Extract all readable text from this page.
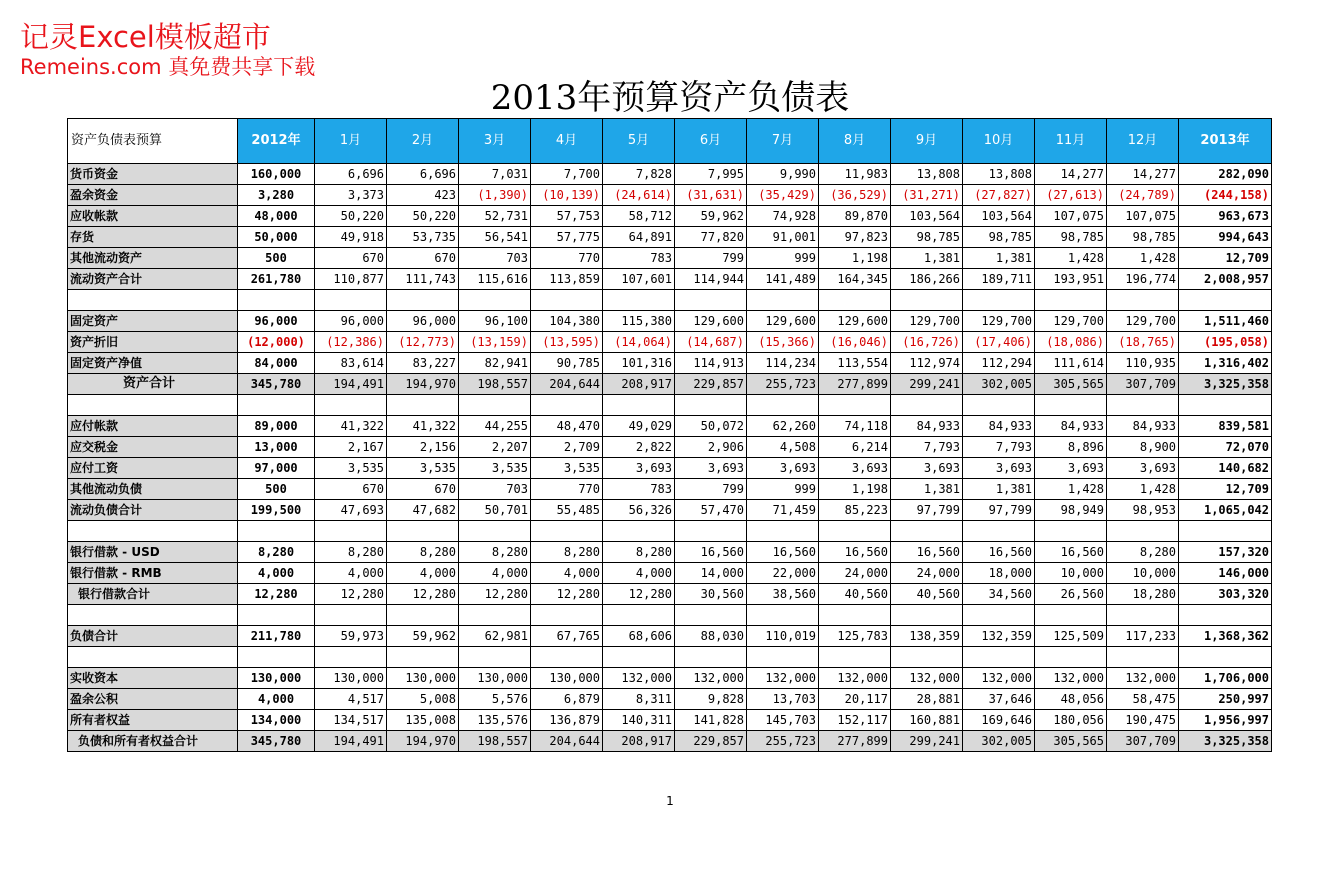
记灵Excel模板超市
Remeins.com 真免费共享下载
2013年预算资产负债表
资产负债表预算	2012年	1月	2月	3月	4月	5月	6月	7月	8月	9月	10月	11月	12月	2013年
货币资金	160,000	6,696	6,696	7,031	7,700	7,828	7,995	9,990	11,983	13,808	13,808	14,277	14,277	282,090
盈余资金	3,280	3,373	423	(1,390)	(10,139)	(24,614)	(31,631)	(35,429)	(36,529)	(31,271)	(27,827)	(27,613)	(24,789)	(244,158)
应收帐款	48,000	50,220	50,220	52,731	57,753	58,712	59,962	74,928	89,870	103,564	103,564	107,075	107,075	963,673
存货	50,000	49,918	53,735	56,541	57,775	64,891	77,820	91,001	97,823	98,785	98,785	98,785	98,785	994,643
其他流动资产	500	670	670	703	770	783	799	999	1,198	1,381	1,381	1,428	1,428	12,709
流动资产合计	261,780	110,877	111,743	115,616	113,859	107,601	114,944	141,489	164,345	186,266	189,711	193,951	196,774	2,008,957

固定资产	96,000	96,000	96,000	96,100	104,380	115,380	129,600	129,600	129,600	129,700	129,700	129,700	129,700	1,511,460
资产折旧	(12,000)	(12,386)	(12,773)	(13,159)	(13,595)	(14,064)	(14,687)	(15,366)	(16,046)	(16,726)	(17,406)	(18,086)	(18,765)	(195,058)
固定资产净值	84,000	83,614	83,227	82,941	90,785	101,316	114,913	114,234	113,554	112,974	112,294	111,614	110,935	1,316,402
资产合计	345,780	194,491	194,970	198,557	204,644	208,917	229,857	255,723	277,899	299,241	302,005	305,565	307,709	3,325,358

应付帐款	89,000	41,322	41,322	44,255	48,470	49,029	50,072	62,260	74,118	84,933	84,933	84,933	84,933	839,581
应交税金	13,000	2,167	2,156	2,207	2,709	2,822	2,906	4,508	6,214	7,793	7,793	8,896	8,900	72,070
应付工资	97,000	3,535	3,535	3,535	3,535	3,693	3,693	3,693	3,693	3,693	3,693	3,693	3,693	140,682
其他流动负债	500	670	670	703	770	783	799	999	1,198	1,381	1,381	1,428	1,428	12,709
流动负债合计	199,500	47,693	47,682	50,701	55,485	56,326	57,470	71,459	85,223	97,799	97,799	98,949	98,953	1,065,042

银行借款 - USD	8,280	8,280	8,280	8,280	8,280	8,280	16,560	16,560	16,560	16,560	16,560	16,560	8,280	157,320
银行借款 - RMB	4,000	4,000	4,000	4,000	4,000	4,000	14,000	22,000	24,000	24,000	18,000	10,000	10,000	146,000
银行借款合计	12,280	12,280	12,280	12,280	12,280	12,280	30,560	38,560	40,560	40,560	34,560	26,560	18,280	303,320

负债合计	211,780	59,973	59,962	62,981	67,765	68,606	88,030	110,019	125,783	138,359	132,359	125,509	117,233	1,368,362

实收资本	130,000	130,000	130,000	130,000	130,000	132,000	132,000	132,000	132,000	132,000	132,000	132,000	132,000	1,706,000
盈余公积	4,000	4,517	5,008	5,576	6,879	8,311	9,828	13,703	20,117	28,881	37,646	48,056	58,475	250,997
所有者权益	134,000	134,517	135,008	135,576	136,879	140,311	141,828	145,703	152,117	160,881	169,646	180,056	190,475	1,956,997
负债和所有者权益合计	345,780	194,491	194,970	198,557	204,644	208,917	229,857	255,723	277,899	299,241	302,005	305,565	307,709	3,325,358
1
